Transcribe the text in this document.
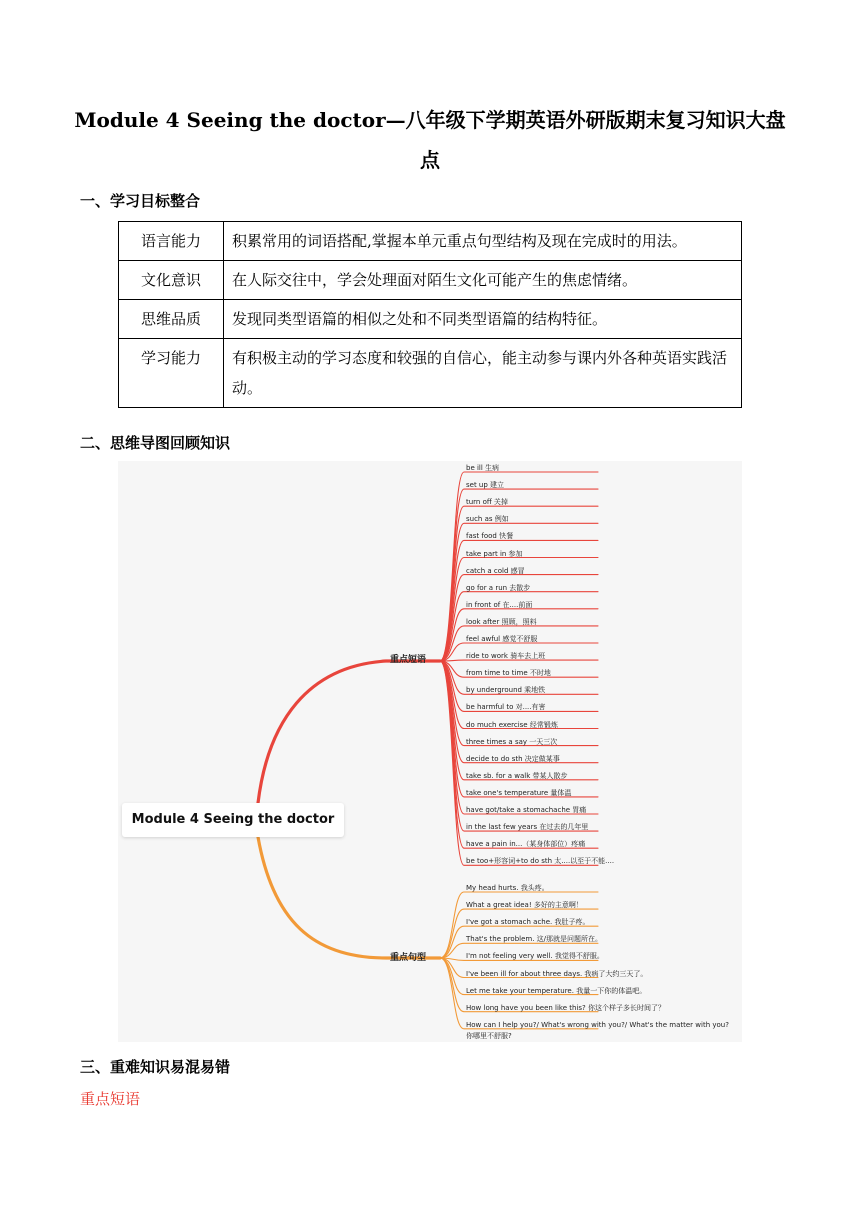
Module 4 Seeing the doctor—八年级下学期英语外研版期末复习知识大盘点
一、学习目标整合
语言能力	积累常用的词语搭配,掌握本单元重点句型结构及现在完成时的用法。
文化意识	在人际交往中，学会处理面对陌生文化可能产生的焦虑情绪。
思维品质	发现同类型语篇的相似之处和不同类型语篇的结构特征。
学习能力	有积极主动的学习态度和较强的自信心，能主动参与课内外各种英语实践活动。
二、思维导图回顾知识
Module 4 Seeing the doctor
重点短语
重点句型
be ill 生病
set up 建立
turn off 关掉
such as 例如
fast food 快餐
take part in 参加
catch a cold 感冒
go for a run 去散步
in front of 在....前面
look after 照顾，照料
feel awful 感觉不舒服
ride to work 骑车去上班
from time to time 不时地
by underground 乘地铁
be harmful to 对....有害
do much exercise 经常锻炼
three times a say 一天三次
decide to do sth 决定做某事
take sb. for a walk 带某人散步
take one's temperature 量体温
have got/take a stomachache 胃痛
in the last few years 在过去的几年里
have a pain in...（某身体部位）疼痛
be too+形容词+to do sth 太....以至于不能....
My head hurts. 我头疼。
What a great idea! 多好的主意啊！
I've got a stomach ache. 我肚子疼。
That's the problem. 这/那就是问题所在。
I'm not feeling very well. 我觉得不舒服。
I've been ill for about three days. 我病了大约三天了。
Let me take your temperature. 我量一下你的体温吧。
How long have you been like this? 你这个样子多长时间了？
How can I help you?/ What's wrong with you?/ What's the matter with you?
你哪里不舒服?
三、重难知识易混易错
重点短语
